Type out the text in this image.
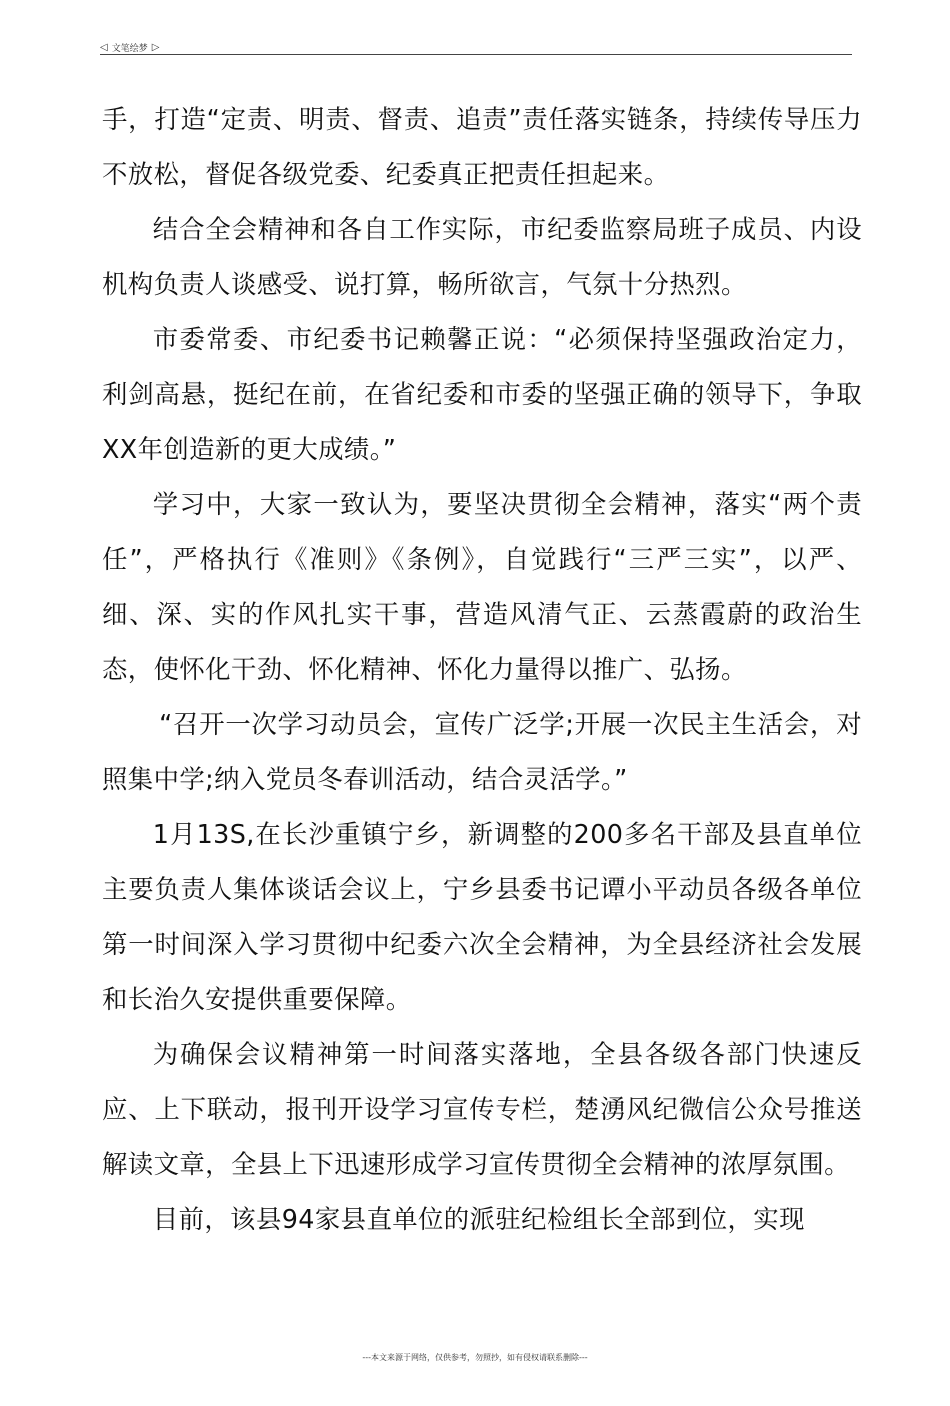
◁ 文笔绘梦 ▷

手，打造“定责、明责、督责、追责”责任落实链条，持续传导压力不放松，督促各级党委、纪委真正把责任担起来。

结合全会精神和各自工作实际，市纪委监察局班子成员、内设机构负责人谈感受、说打算，畅所欲言，气氛十分热烈。

市委常委、市纪委书记赖馨正说：“必须保持坚强政治定力，利剑高悬，挺纪在前，在省纪委和市委的坚强正确的领导下，争取XX年创造新的更大成绩。”

学习中，大家一致认为，要坚决贯彻全会精神，落实“两个责任”，严格执行《准则》《条例》，自觉践行“三严三实”，以严、细、深、实的作风扎实干事，营造风清气正、云蒸霞蔚的政治生态，使怀化干劲、怀化精神、怀化力量得以推广、弘扬。

“召开一次学习动员会，宣传广泛学;开展一次民主生活会，对照集中学;纳入党员冬春训活动，结合灵活学。”

1月13S,在长沙重镇宁乡，新调整的200多名干部及县直单位主要负责人集体谈话会议上，宁乡县委书记谭小平动员各级各单位第一时间深入学习贯彻中纪委六次全会精神，为全县经济社会发展和长治久安提供重要保障。

为确保会议精神第一时间落实落地，全县各级各部门快速反应、上下联动，报刊开设学习宣传专栏，楚湧风纪微信公众号推送解读文章，全县上下迅速形成学习宣传贯彻全会精神的浓厚氛围。

目前，该县94家县直单位的派驻纪检组长全部到位，实现

---本文来源于网络，仅供参考，勿照抄，如有侵权请联系删除---
